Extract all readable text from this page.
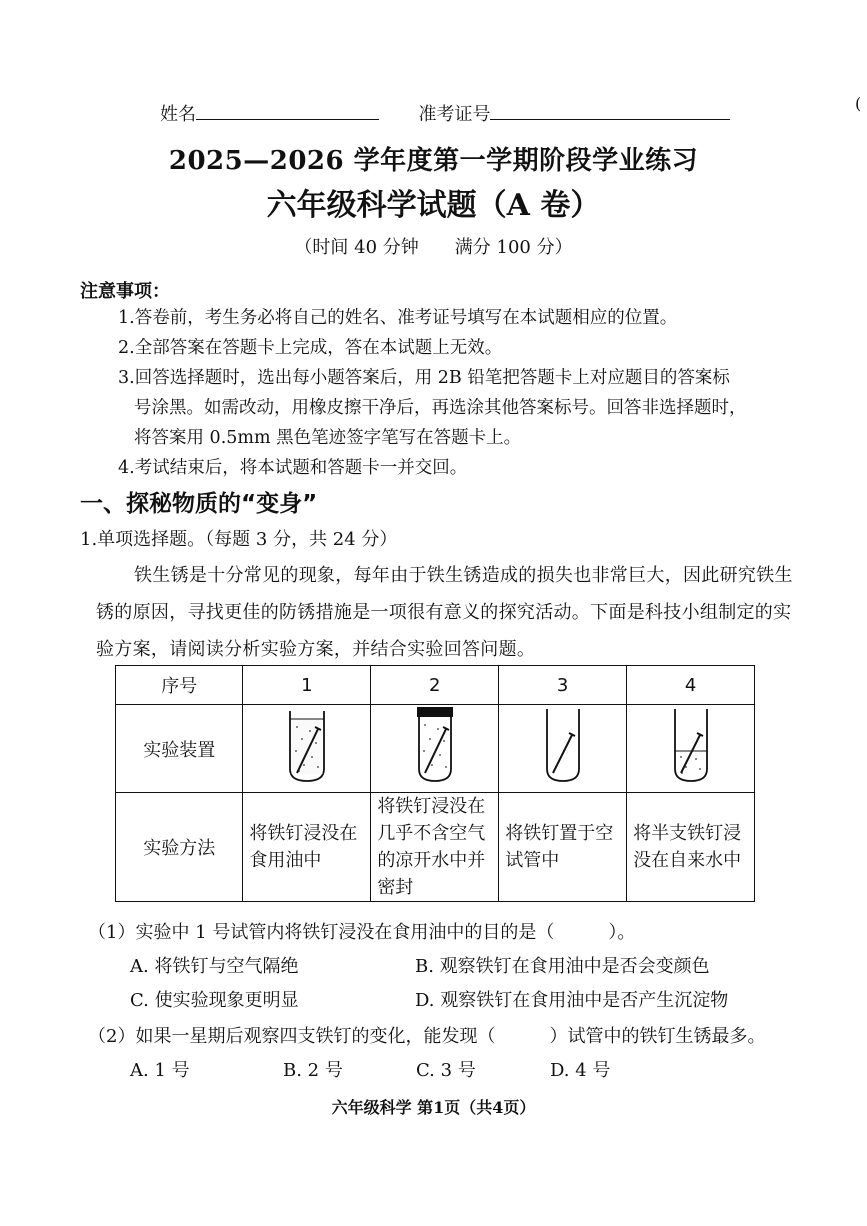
姓名	准考证号
(
2025—2026 学年度第一学期阶段学业练习
六年级科学试题（A 卷）
（时间 40 分钟　　满分 100 分）
注意事项：
1.答卷前，考生务必将自己的姓名、准考证号填写在本试题相应的位置。
2.全部答案在答题卡上完成，答在本试题上无效。
3.回答选择题时，选出每小题答案后，用 2B 铅笔把答题卡上对应题目的答案标
号涂黑。如需改动，用橡皮擦干净后，再选涂其他答案标号。回答非选择题时，
将答案用 0.5mm 黑色笔迹签字笔写在答题卡上。
4.考试结束后，将本试题和答题卡一并交回。
一、探秘物质的“变身”
1.单项选择题。（每题 3 分，共 24 分）
铁生锈是十分常见的现象，每年由于铁生锈造成的损失也非常巨大，因此研究铁生锈的原因，寻找更佳的防锈措施是一项很有意义的探究活动。下面是科技小组制定的实验方案，请阅读分析实验方案，并结合实验回答问题。
序号	1	2	3	4
实验装置				
实验方法	将铁钉浸没在食用油中	将铁钉浸没在几乎不含空气的凉开水中并密封	将铁钉置于空试管中	将半支铁钉浸没在自来水中
（1）实验中 1 号试管内将铁钉浸没在食用油中的目的是（　　　）。
A. 将铁钉与空气隔绝	B. 观察铁钉在食用油中是否会变颜色
C. 使实验现象更明显	D. 观察铁钉在食用油中是否产生沉淀物
（2）如果一星期后观察四支铁钉的变化，能发现（　　　）试管中的铁钉生锈最多。
A. 1 号	B. 2 号	C. 3 号	D. 4 号
六年级科学 第1页（共4页）
